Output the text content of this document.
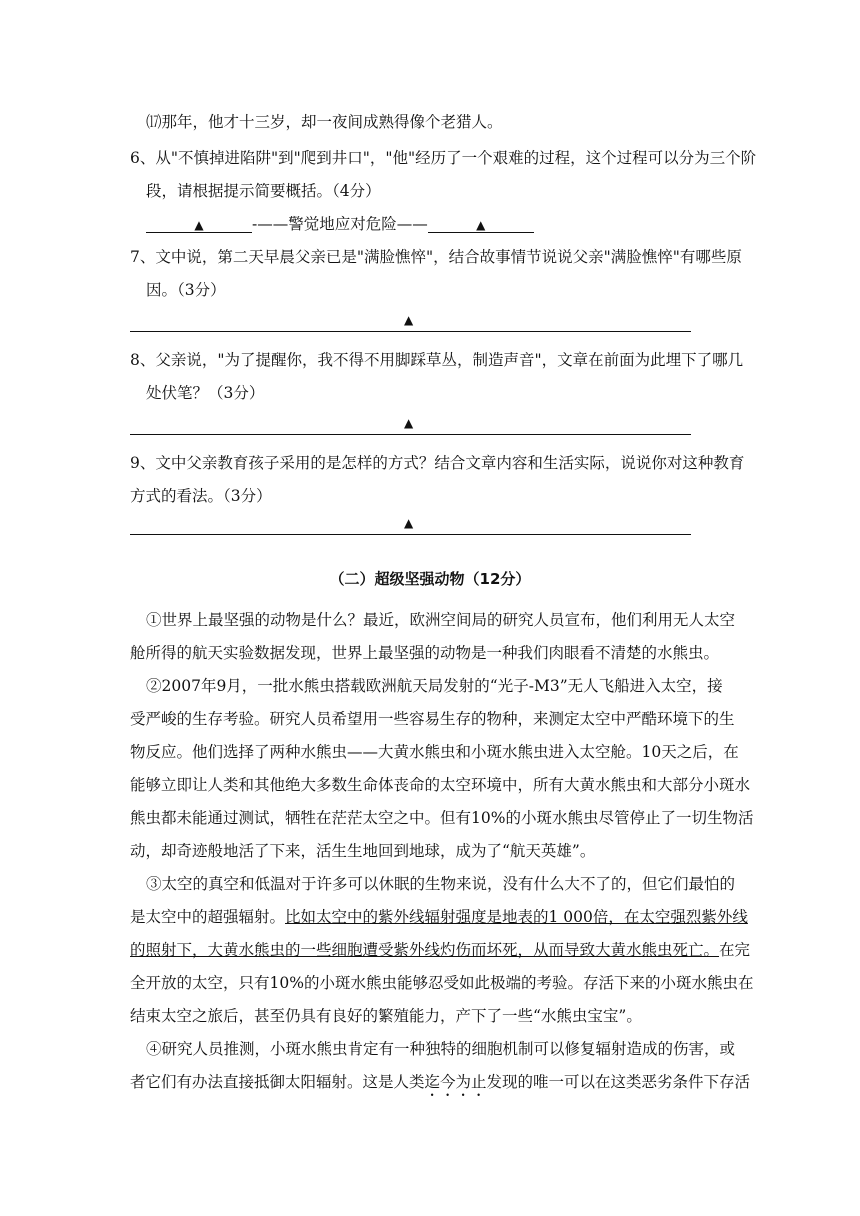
⒄那年，他才十三岁，却一夜间成熟得像个老猎人。
6、从"不慎掉进陷阱"到"爬到井口"，"他"经历了一个艰难的过程，这个过程可以分为三个阶
段，请根据提示简要概括。（4分）
▲	-——警觉地应对危险——	▲
7、文中说，第二天早晨父亲已是"满脸憔悴"，结合故事情节说说父亲"满脸憔悴"有哪些原
因。（3分）
▲
8、父亲说，"为了提醒你，我不得不用脚踩草丛，制造声音"，文章在前面为此埋下了哪几
处伏笔？（3分）
▲
9、文中父亲教育孩子采用的是怎样的方式？结合文章内容和生活实际，说说你对这种教育
方式的看法。（3分）
▲
（二）超级坚强动物（12分）
①世界上最坚强的动物是什么？最近，欧洲空间局的研究人员宣布，他们利用无人太空
舱所得的航天实验数据发现，世界上最坚强的动物是一种我们肉眼看不清楚的水熊虫。
②2007年9月，一批水熊虫搭载欧洲航天局发射的“光子-M3”无人飞船进入太空，接
受严峻的生存考验。研究人员希望用一些容易生存的物种，来测定太空中严酷环境下的生
物反应。他们选择了两种水熊虫——大黄水熊虫和小斑水熊虫进入太空舱。10天之后，在
能够立即让人类和其他绝大多数生命体丧命的太空环境中，所有大黄水熊虫和大部分小斑水
熊虫都未能通过测试，牺牲在茫茫太空之中。但有10%的小斑水熊虫尽管停止了一切生物活
动，却奇迹般地活了下来，活生生地回到地球，成为了“航天英雄”。
③太空的真空和低温对于许多可以休眠的生物来说，没有什么大不了的，但它们最怕的
是太空中的超强辐射。比如太空中的紫外线辐射强度是地表的1 000倍，在太空强烈紫外线
的照射下，大黄水熊虫的一些细胞遭受紫外线灼伤而坏死，从而导致大黄水熊虫死亡。在完
全开放的太空，只有10%的小斑水熊虫能够忍受如此极端的考验。存活下来的小斑水熊虫在
结束太空之旅后，甚至仍具有良好的繁殖能力，产下了一些“水熊虫宝宝”。
④研究人员推测，小斑水熊虫肯定有一种独特的细胞机制可以修复辐射造成的伤害，或
者它们有办法直接抵御太阳辐射。这是人类迄今为止发现的唯一可以在这类恶劣条件下存活
